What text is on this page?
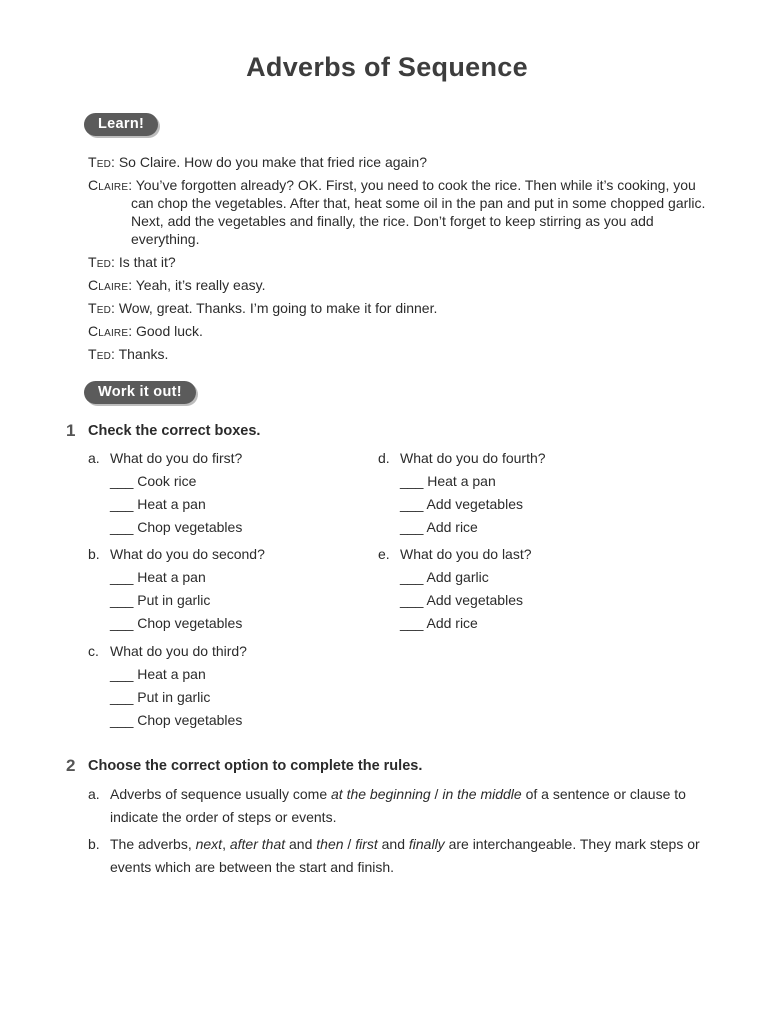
Adverbs of Sequence
Learn!
Ted: So Claire. How do you make that fried rice again?
Claire: You’ve forgotten already? OK. First, you need to cook the rice. Then while it’s cooking, you can chop the vegetables. After that, heat some oil in the pan and put in some chopped garlic. Next, add the vegetables and finally, the rice. Don’t forget to keep stirring as you add everything.
Ted: Is that it?
Claire: Yeah, it’s really easy.
Ted: Wow, great. Thanks. I’m going to make it for dinner.
Claire: Good luck.
Ted: Thanks.
Work it out!
1 Check the correct boxes.
a. What do you do first?
___ Cook rice
___ Heat a pan
___ Chop vegetables
b. What do you do second?
___ Heat a pan
___ Put in garlic
___ Chop vegetables
c. What do you do third?
___ Heat a pan
___ Put in garlic
___ Chop vegetables
d. What do you do fourth?
___ Heat a pan
___ Add vegetables
___ Add rice
e. What do you do last?
___ Add garlic
___ Add vegetables
___ Add rice
2 Choose the correct option to complete the rules.
a. Adverbs of sequence usually come at the beginning / in the middle of a sentence or clause to indicate the order of steps or events.
b. The adverbs, next, after that and then / first and finally are interchangeable. They mark steps or events which are between the start and finish.
